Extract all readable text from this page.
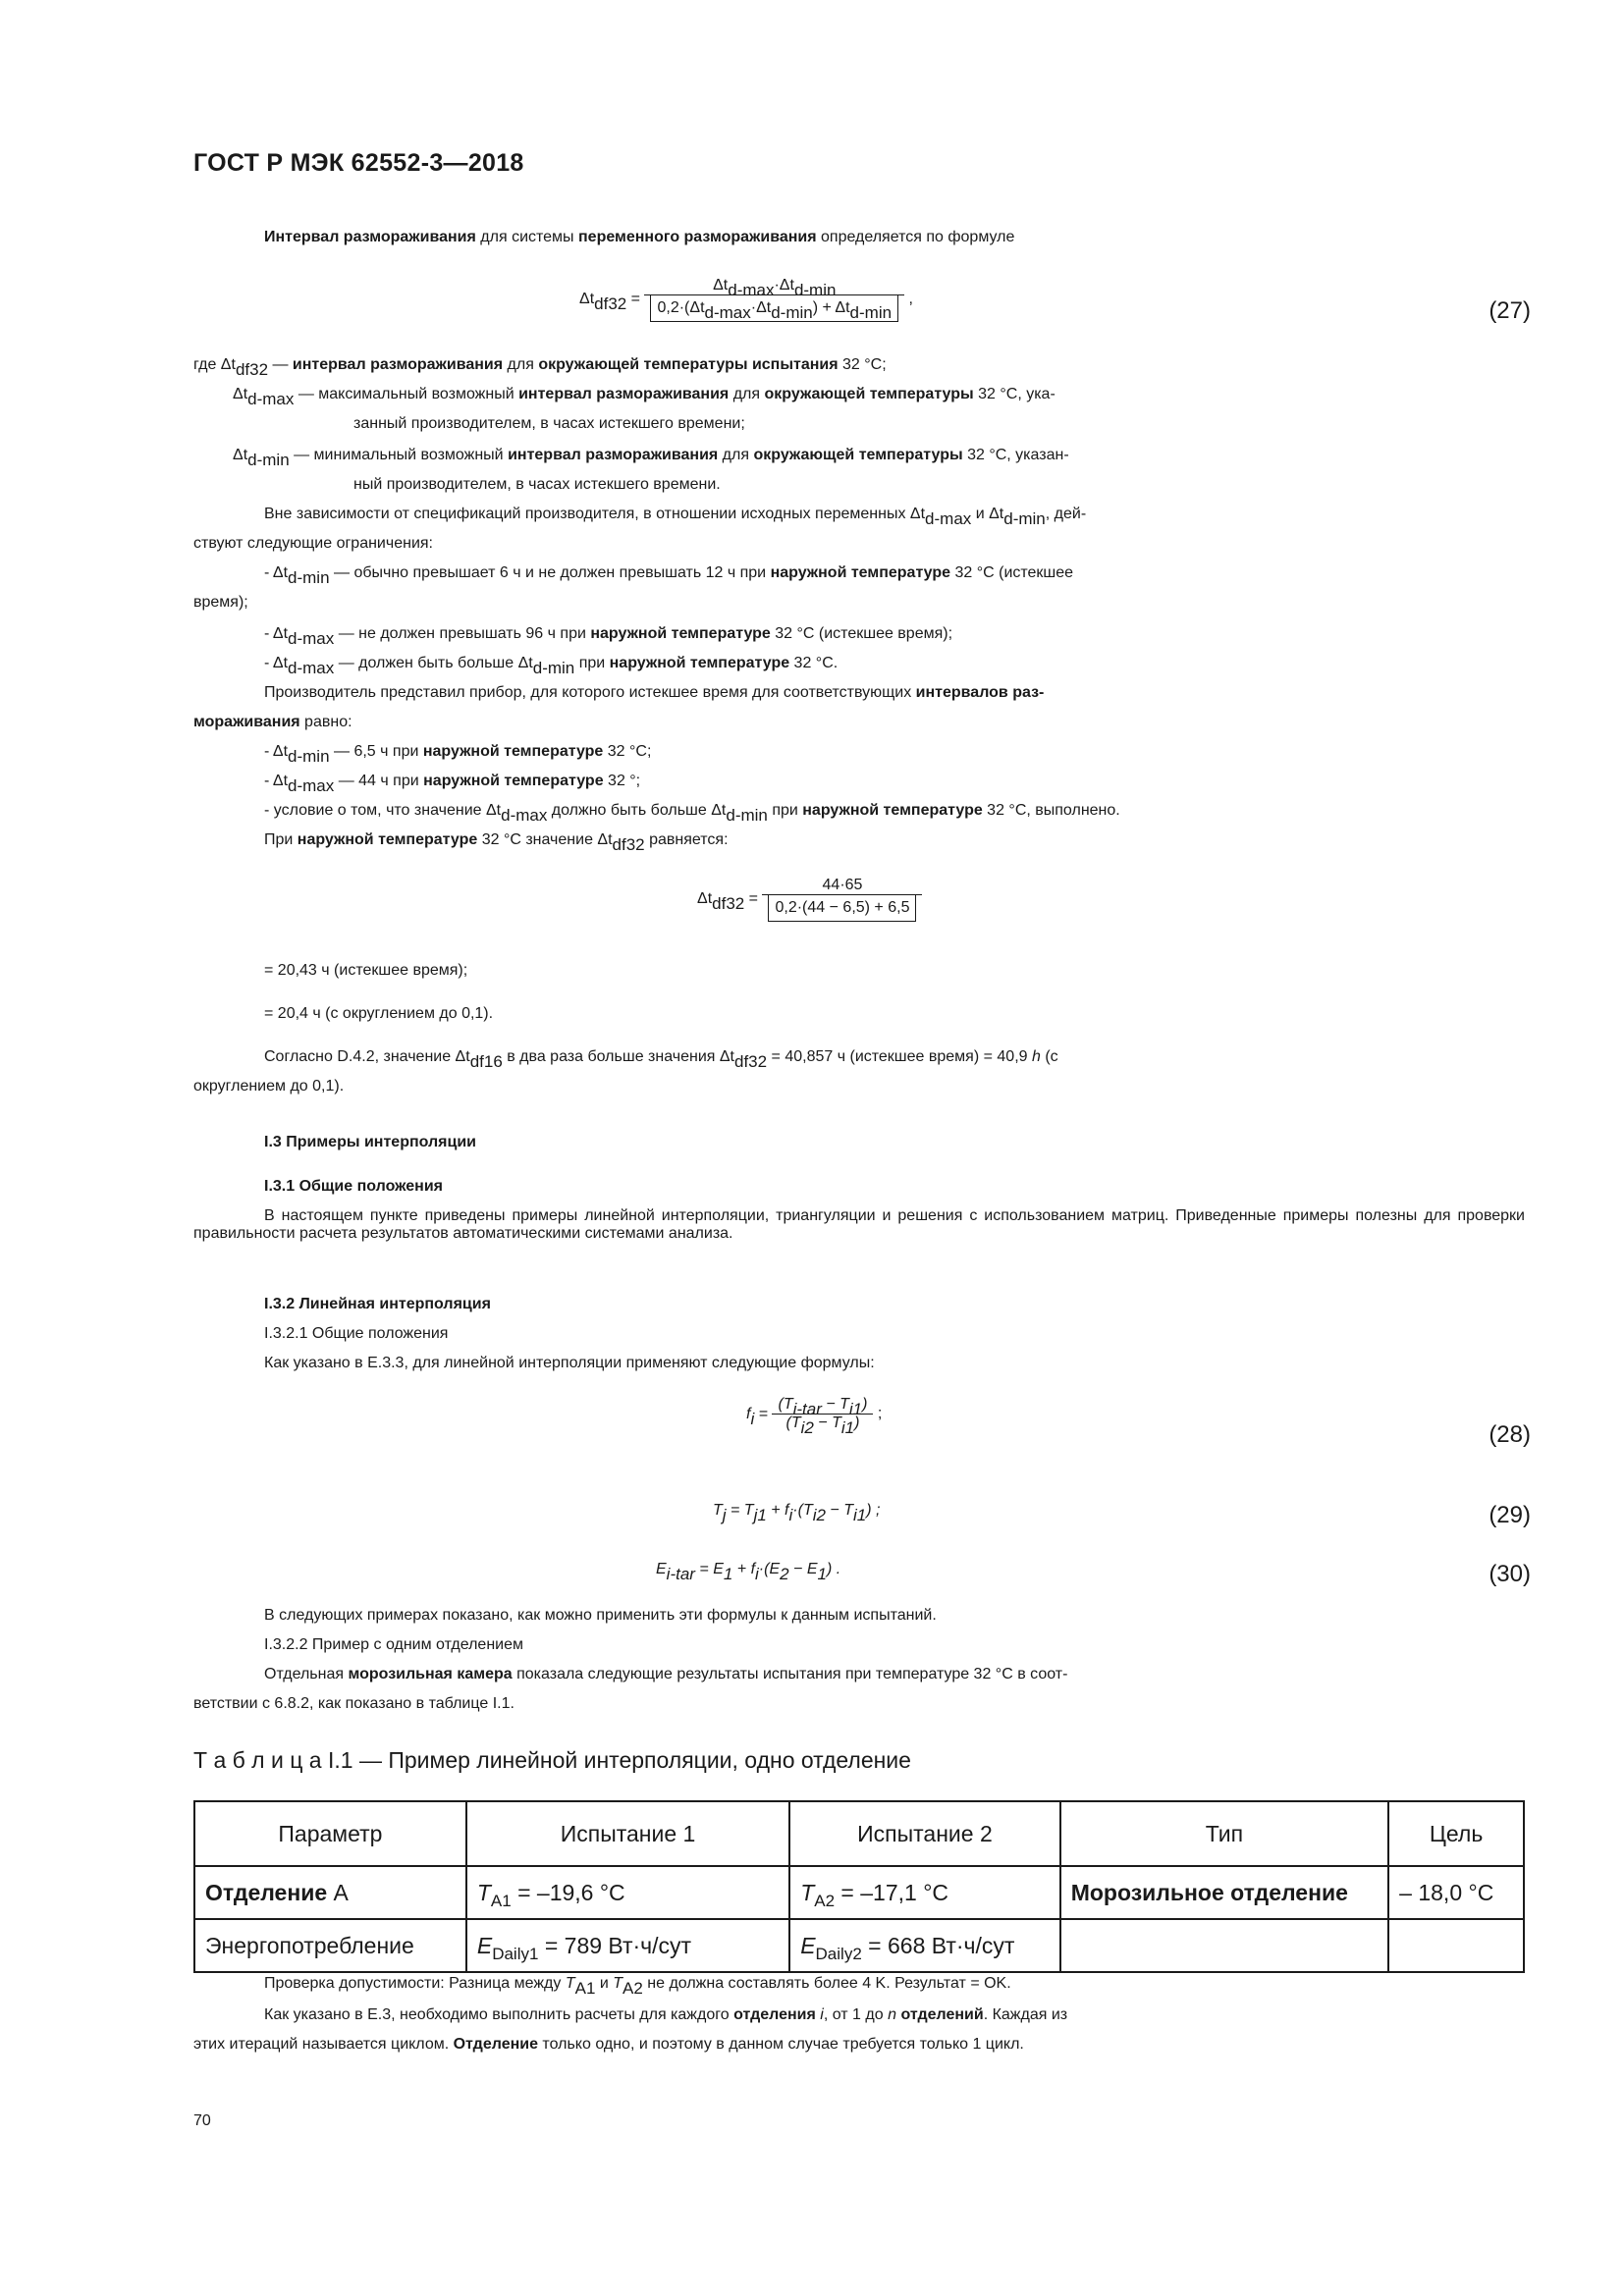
ГОСТ Р МЭК 62552-3—2018

Интервал размораживания для системы переменного размораживания определяется по формуле

$\Delta t_{df32} = \frac{\Delta t_{d-max}\cdot\Delta t_{d-min}}{0,2\cdot(\Delta t_{d-max}\cdot\Delta t_{d-min}) + \Delta t_{d-min}}$ ,	(27)

где $\Delta t_{df32}$ — интервал размораживания для окружающей температуры испытания 32 °С;

$\Delta t_{d-max}$ — максимальный возможный интервал размораживания для окружающей температуры 32 °С, ука-

занный производителем, в часах истекшего времени;

$\Delta t_{d-min}$ — минимальный возможный интервал размораживания для окружающей температуры 32 °С, указан-

ный производителем, в часах истекшего времени.

Вне зависимости от спецификаций производителя, в отношении исходных переменных $\Delta t_{d-max}$ и $\Delta t_{d-min}$, дей-

ствуют следующие ограничения:

- $\Delta t_{d-min}$ — обычно превышает 6 ч и не должен превышать 12 ч при наружной температуре 32 °С (истекшее

время);

- $\Delta t_{d-max}$ — не должен превышать 96 ч при наружной температуре 32 °С (истекшее время);

- $\Delta t_{d-max}$ — должен быть больше $\Delta t_{d-min}$ при наружной температуре 32 °С.

Производитель представил прибор, для которого истекшее время для соответствующих интервалов раз-

мораживания равно:

- $\Delta t_{d-min}$ — 6,5 ч при наружной температуре 32 °С;

- $\Delta t_{d-max}$ — 44 ч при наружной температуре 32 °;

- условие о том, что значение $\Delta t_{d-max}$ должно быть больше $\Delta t_{d-min}$ при наружной температуре 32 °С, выполнено.

При наружной температуре 32 °С значение $\Delta t_{df32}$ равняется:

$\Delta t_{df32} = \frac{44\cdot 65}{0,2\cdot(44 - 6,5) + 6,5}$

= 20,43 ч (истекшее время);

= 20,4 ч (с округлением до 0,1).

Согласно D.4.2, значение $\Delta t_{df16}$ в два раза больше значения $\Delta t_{df32} = 40,857$ ч (истекшее время) = 40,9 h (с

округлением до 0,1).

I.3 Примеры интерполяции

I.3.1 Общие положения

В настоящем пункте приведены примеры линейной интерполяции, триангуляции и решения с использованием матриц. Приведенные примеры полезны для проверки правильности расчета результатов автоматическими системами анализа.

I.3.2 Линейная интерполяция

I.3.2.1 Общие положения

Как указано в Е.3.3, для линейной интерполяции применяют следующие формулы:

$f_i = \frac{(T_{i-tar} - T_{i1})}{(T_{i2} - T_{i1})}$ ;
(28)

$T_j = T_{j1} + f_i\cdot(T_{i2} - T_{i1})$ ;	(29)

$E_{i-tar} = E_1 + f_i\cdot(E_2 - E_1)$ .	(30)

В следующих примерах показано, как можно применить эти формулы к данным испытаний.

I.3.2.2 Пример с одним отделением

Отдельная морозильная камера показала следующие результаты испытания при температуре 32 °С в соот-

ветствии с 6.8.2, как показано в таблице I.1.

Т а б л и ц а I.1 — Пример линейной интерполяции, одно отделение

Параметр	Испытание 1	Испытание 2	Тип	Цель
Отделение А	$T_{A1} = -19,6$ °С	$T_{A2} = -17,1$ °С	Морозильное отделение	– 18,0 °С
Энергопотребление	$E_{Daily1} = 789$ Вт·ч/сут	$E_{Daily2} = 668$ Вт·ч/сут		

Проверка допустимости: Разница между $T_{A1}$ и $T_{A2}$ не должна составлять более 4 K. Результат = OK.

Как указано в Е.3, необходимо выполнить расчеты для каждого отделения i, от 1 до n отделений. Каждая из

этих итераций называется циклом. Отделение только одно, и поэтому в данном случае требуется только 1 цикл.

70
